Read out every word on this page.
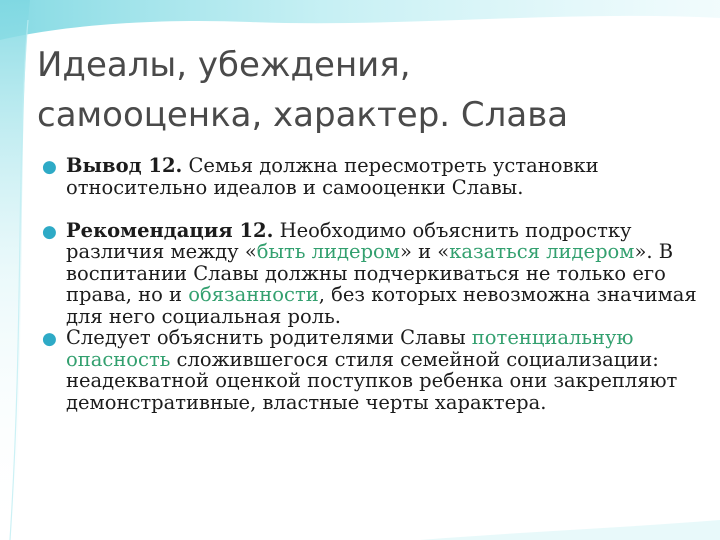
Идеалы, убеждения,
самооценка, характер. Слава
● Вывод 12. Семья должна пересмотреть установки относительно идеалов и самооценки Славы.
● Рекомендация 12. Необходимо объяснить подростку различия между «быть лидером» и «казаться лидером». В воспитании Славы должны подчеркиваться не только его права, но и обязанности, без которых невозможна значимая для него социальная роль.
● Следует объяснить родителями Славы потенциальную опасность сложившегося стиля семейной социализации: неадекватной оценкой поступков ребенка они закрепляют демонстративные, властные черты характера.
